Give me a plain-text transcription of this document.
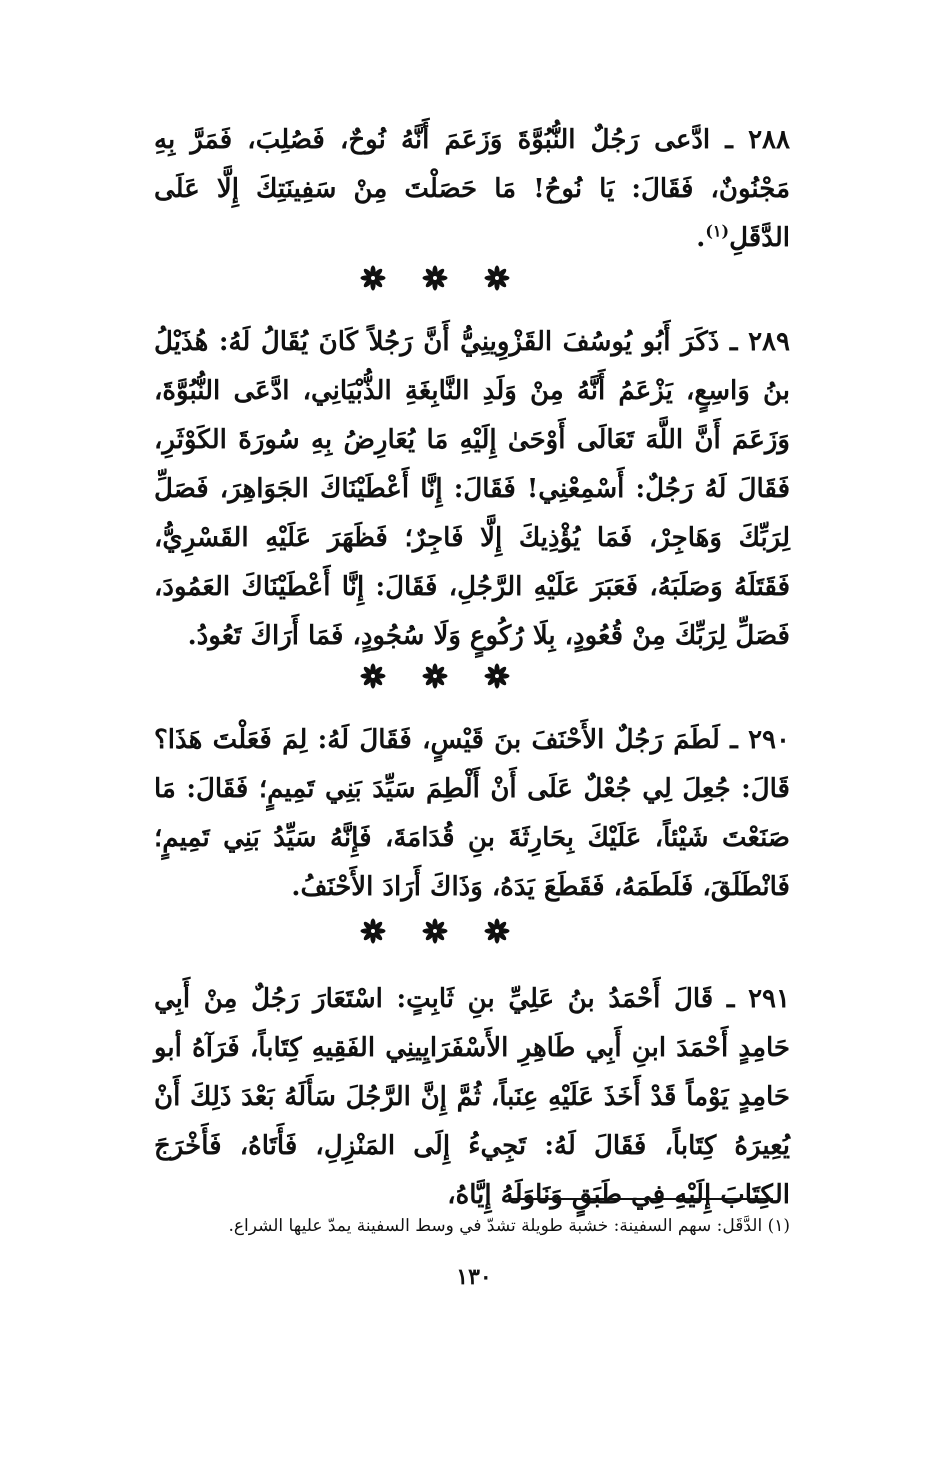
٢٨٨ ـ ادَّعى رَجُلٌ النُّبُوَّةَ وَزَعَمَ أَنَّهُ نُوحٌ، فَصُلِبَ، فَمَرَّ بِهِ مَجْنُونٌ، فَقَالَ: يَا نُوحُ! مَا حَصَلْتَ مِنْ سَفِينَتِكَ إِلَّا عَلَى الدَّقَلِ$^{(١)}$.

٢٨٩ ـ ذَكَرَ أَبُو يُوسُفَ القَزْوِينِيُّ أَنَّ رَجُلاً كَانَ يُقَالُ لَهُ: هُذَيْلُ بنُ وَاسِعٍ، يَزْعَمُ أَنَّهُ مِنْ وَلَدِ النَّابِغَةِ الذُّبْيَانِي، ادَّعَى النُّبُوَّةَ، وَزَعَمَ أَنَّ اللَّهَ تَعَالَى أَوْحَىٰ إِلَيْهِ مَا يُعَارِضُ بِهِ سُورَةَ الكَوْثَرِ، فَقَالَ لَهُ رَجُلٌ: أَسْمِعْنِي! فَقَالَ: إِنَّا أَعْطَيْنَاكَ الجَوَاهِرَ، فَصَلِّ لِرَبِّكَ وَهَاجِرْ، فَمَا يُؤْذِيكَ إِلَّا فَاجِرٌ؛ فَظَهَرَ عَلَيْهِ القَسْرِيُّ، فَقَتَلَهُ وَصَلَبَهُ، فَعَبَرَ عَلَيْهِ الرَّجُلِ، فَقَالَ: إِنَّا أَعْطَيْنَاكَ العَمُودَ، فَصَلِّ لِرَبِّكَ مِنْ قُعُودٍ، بِلَا رُكُوعٍ وَلَا سُجُودٍ، فَمَا أَرَاكَ تَعُودُ.

٢٩٠ ـ لَطَمَ رَجُلٌ الأَحْنَفَ بنَ قَيْسٍ، فَقَالَ لَهُ: لِمَ فَعَلْتَ هَذَا؟ قَالَ: جُعِلَ لِي جُعْلٌ عَلَى أَنْ أَلْطِمَ سَيِّدَ بَنِي تَمِيمٍ؛ فَقَالَ: مَا صَنَعْتَ شَيْئاً، عَلَيْكَ بِحَارِثَةَ بنِ قُدَامَةَ، فَإِنَّهُ سَيِّدُ بَنِي تَمِيمٍ؛ فَانْطَلَقَ، فَلَطَمَهُ، فَقَطَعَ يَدَهُ، وَذَاكَ أَرَادَ الأَحْنَفُ.

٢٩١ ـ قَالَ أَحْمَدُ بنُ عَلِيِّ بنِ ثَابِتٍ: اسْتَعَارَ رَجُلٌ مِنْ أَبِي حَامِدٍ أَحْمَدَ ابنِ أَبِي طَاهِرِ الأَسْفَرَايِينِي الفَقِيهِ كِتَاباً، فَرَآهُ أبو حَامِدٍ يَوْماً قَدْ أَخَذَ عَلَيْهِ عِنَباً، ثُمَّ إِنَّ الرَّجُلَ سَأَلَهُ بَعْدَ ذَلِكَ أَنْ يُعِيرَهُ كِتَاباً، فَقَالَ لَهُ: تَجِيءُ إِلَى المَنْزِلِ، فَأَتَاهُ، فَأَخْرَجَ الكِتَابَ إِلَيْهِ فِي طَبَقٍ وَنَاوَلَهُ إِيَّاهُ،

(١) الدَّقَل: سهم السفينة: خشبة طويلة تشدّ في وسط السفينة يمدّ عليها الشراع.
١٣٠
